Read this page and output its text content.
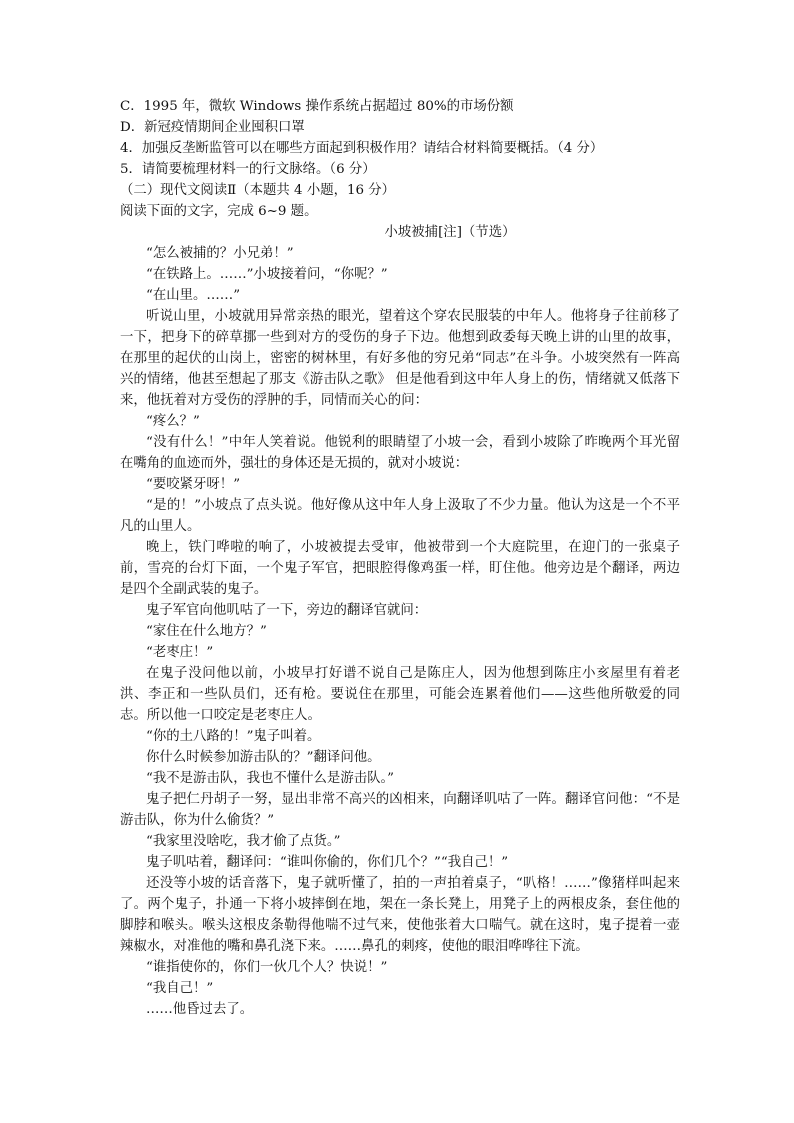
C．1995 年，微软 Windows 操作系统占据超过 80%的市场份额

D．新冠疫情期间企业囤积口罩

4．加强反垄断监管可以在哪些方面起到积极作用？请结合材料简要概括。（4 分）

5．请简要梳理材料一的行文脉络。（6 分）

（二）现代文阅读Ⅱ（本题共 4 小题，16 分）

阅读下面的文字，完成 6~9 题。

小坡被捕[注]（节选）

“怎么被捕的？小兄弟！”

“在铁路上。……”小坡接着问，“你呢？”

“在山里。……”

听说山里，小坡就用异常亲热的眼光，望着这个穿农民服装的中年人。他将身子往前移了一下，把身下的碎草挪一些到对方的受伤的身子下边。他想到政委每天晚上讲的山里的故事，在那里的起伏的山岗上，密密的树林里，有好多他的穷兄弟“同志”在斗争。小坡突然有一阵高兴的情绪，他甚至想起了那支《游击队之歌》 但是他看到这中年人身上的伤，情绪就又低落下来，他抚着对方受伤的浮肿的手，同情而关心的问：

“疼么？”

“没有什么！”中年人笑着说。他锐利的眼睛望了小坡一会，看到小坡除了昨晚两个耳光留在嘴角的血迹而外，强壮的身体还是无损的，就对小坡说：

“要咬紧牙呀！”

“是的！”小坡点了点头说。他好像从这中年人身上汲取了不少力量。他认为这是一个不平凡的山里人。

晚上，铁门哗啦的响了，小坡被提去受审，他被带到一个大庭院里，在迎门的一张桌子前，雪亮的台灯下面，一个鬼子军官，把眼腔得像鸡蛋一样，盯住他。他旁边是个翻译，两边是四个全副武装的鬼子。

鬼子军官向他叽咕了一下，旁边的翻译官就问：

“家住在什么地方？”

“老枣庄！”

在鬼子没问他以前，小坡早打好谱不说自己是陈庄人，因为他想到陈庄小亥屋里有着老洪、李正和一些队员们，还有枪。要说住在那里，可能会连累着他们——这些他所敬爱的同志。所以他一口咬定是老枣庄人。

“你的土八路的！”鬼子叫着。

你什么时候参加游击队的？”翻译问他。

“我不是游击队，我也不懂什么是游击队。”

鬼子把仁丹胡子一努，显出非常不高兴的凶相来，向翻译叽咕了一阵。翻译官问他：“不是游击队，你为什么偷货？”

“我家里没啥吃，我才偷了点货。”

鬼子叽咕着，翻译问：“谁叫你偷的，你们几个？”“我自己！”

还没等小坡的话音落下，鬼子就听懂了，拍的一声拍着桌子，“叭格！……”像猪样叫起来了。两个鬼子，扑通一下将小坡摔倒在地，架在一条长凳上，用凳子上的两根皮条，套住他的脚脖和喉头。喉头这根皮条勒得他喘不过气来，使他张着大口喘气。就在这时，鬼子提着一壶辣椒水，对准他的嘴和鼻孔浇下来。……鼻孔的刺疼，使他的眼泪哗哗往下流。

“谁指使你的，你们一伙几个人？快说！”

“我自己！”

……他昏过去了。
